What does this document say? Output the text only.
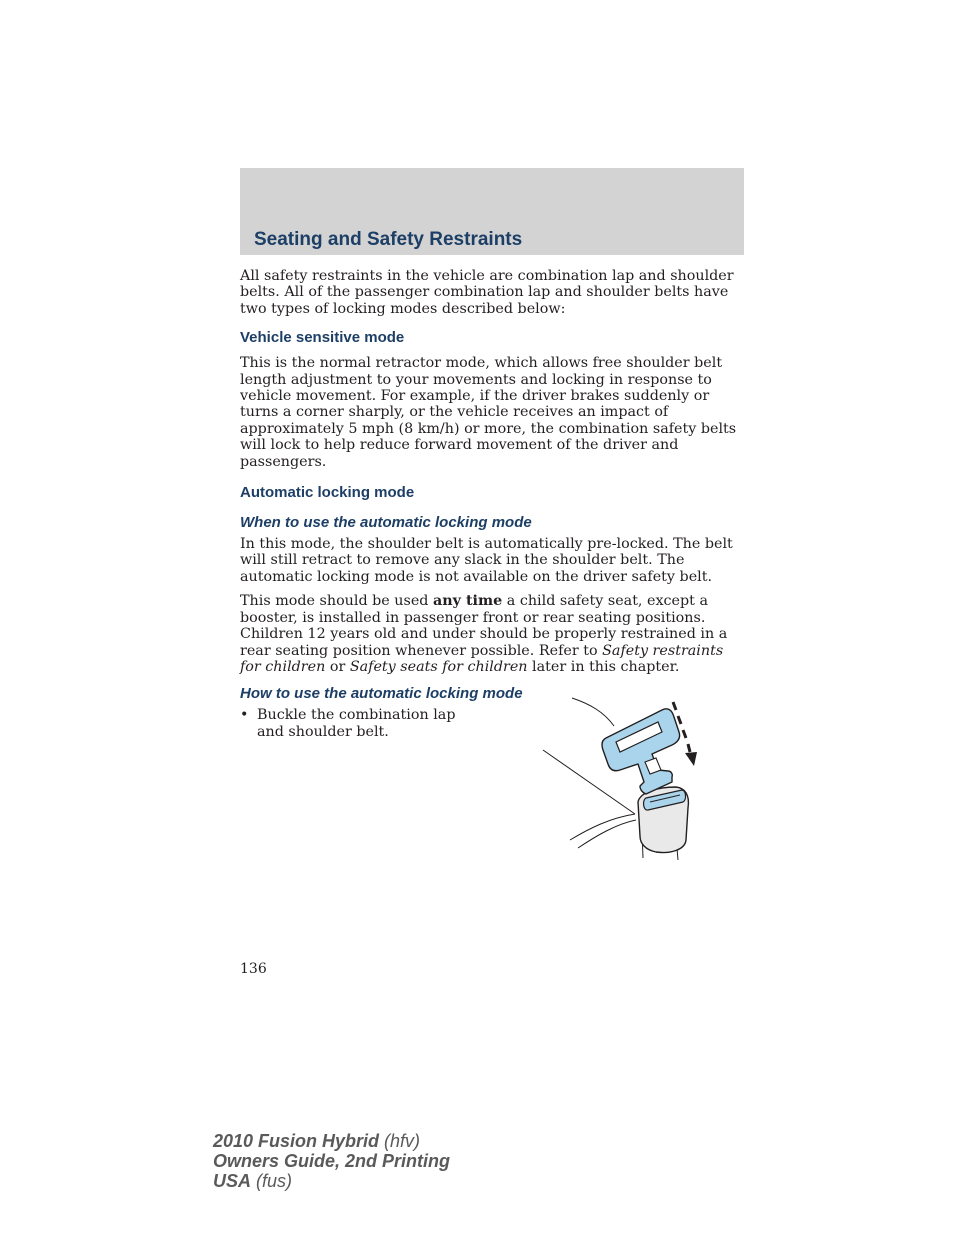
Seating and Safety Restraints

All safety restraints in the vehicle are combination lap and shoulder belts. All of the passenger combination lap and shoulder belts have two types of locking modes described below:

Vehicle sensitive mode

This is the normal retractor mode, which allows free shoulder belt length adjustment to your movements and locking in response to vehicle movement. For example, if the driver brakes suddenly or turns a corner sharply, or the vehicle receives an impact of approximately 5 mph (8 km/h) or more, the combination safety belts will lock to help reduce forward movement of the driver and passengers.

Automatic locking mode
When to use the automatic locking mode

In this mode, the shoulder belt is automatically pre-locked. The belt will still retract to remove any slack in the shoulder belt. The automatic locking mode is not available on the driver safety belt.

This mode should be used any time a child safety seat, except a booster, is installed in passenger front or rear seating positions. Children 12 years old and under should be properly restrained in a rear seating position whenever possible. Refer to Safety restraints for children or Safety seats for children later in this chapter.

How to use the automatic locking mode
• Buckle the combination lap and shoulder belt.
136
2010 Fusion Hybrid (hfv)
Owners Guide, 2nd Printing
USA (fus)
